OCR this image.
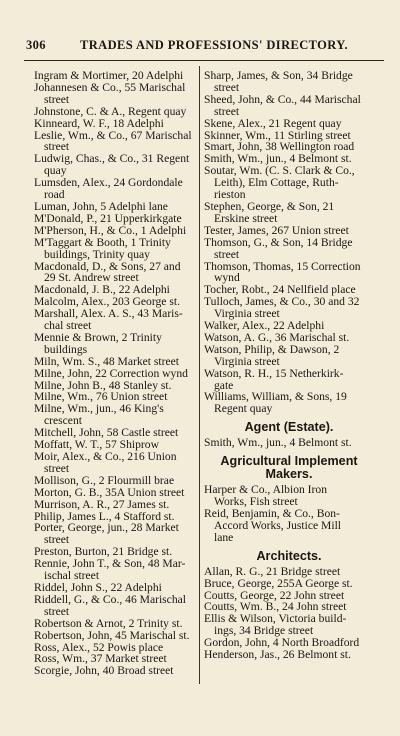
306	TRADES AND PROFESSIONS' DIRECTORY.
Ingram & Mortimer, 20 Adelphi
Johannesen & Co., 55 Marischal
street
Johnstone, C. & A., Regent quay
Kinneard, W. F., 18 Adelphi
Leslie, Wm., & Co., 67 Marischal
street
Ludwig, Chas., & Co., 31 Regent
quay
Lumsden, Alex., 24 Gordondale
road
Luman, John, 5 Adelphi lane
M'Donald, P., 21 Upperkirkgate
M'Pherson, H., & Co., 1 Adelphi
M'Taggart & Booth, 1 Trinity
buildings, Trinity quay
Macdonald, D., & Sons, 27 and
29 St. Andrew street
Macdonald, J. B., 22 Adelphi
Malcolm, Alex., 203 George st.
Marshall, Alex. A. S., 43 Maris-
chal street
Mennie & Brown, 2 Trinity
buildings
Miln, Wm. S., 48 Market street
Milne, John, 22 Correction wynd
Milne, John B., 48 Stanley st.
Milne, Wm., 76 Union street
Milne, Wm., jun., 46 King's
crescent
Mitchell, John, 58 Castle street
Moffatt, W. T., 57 Shiprow
Moir, Alex., & Co., 216 Union
street
Mollison, G., 2 Flourmill brae
Morton, G. B., 35A Union street
Murrison, A. R., 27 James st.
Philip, James L., 4 Stafford st.
Porter, George, jun., 28 Market
street
Preston, Burton, 21 Bridge st.
Rennie, John T., & Son, 48 Mar-
ischal street
Riddel, John S., 22 Adelphi
Riddell, G., & Co., 46 Marischal
street
Robertson & Arnot, 2 Trinity st.
Robertson, John, 45 Marischal st.
Ross, Alex., 52 Powis place
Ross, Wm., 37 Market street
Scorgie, John, 40 Broad street
Sharp, James, & Son, 34 Bridge
street
Sheed, John, & Co., 44 Marischal
street
Skene, Alex., 21 Regent quay
Skinner, Wm., 11 Stirling street
Smart, John, 38 Wellington road
Smith, Wm., jun., 4 Belmont st.
Soutar, Wm. (C. S. Clark & Co.,
Leith), Elm Cottage, Ruth-
rieston
Stephen, George, & Son, 21
Erskine street
Tester, James, 267 Union street
Thomson, G., & Son, 14 Bridge
street
Thomson, Thomas, 15 Correction
wynd
Tocher, Robt., 24 Nellfield place
Tulloch, James, & Co., 30 and 32
Virginia street
Walker, Alex., 22 Adelphi
Watson, A. G., 36 Marischal st.
Watson, Philip, & Dawson, 2
Virginia street
Watson, R. H., 15 Netherkirk-
gate
Williams, William, & Sons, 19
Regent quay
Agent (Estate).
Smith, Wm., jun., 4 Belmont st.
Agricultural Implement
Makers.
Harper & Co., Albion Iron
Works, Fish street
Reid, Benjamin, & Co., Bon-
Accord Works, Justice Mill
lane
Architects.
Allan, R. G., 21 Bridge street
Bruce, George, 255A George st.
Coutts, George, 22 John street
Coutts, Wm. B., 24 John street
Ellis & Wilson, Victoria build-
ings, 34 Bridge street
Gordon, John, 4 North Broadford
Henderson, Jas., 26 Belmont st.
